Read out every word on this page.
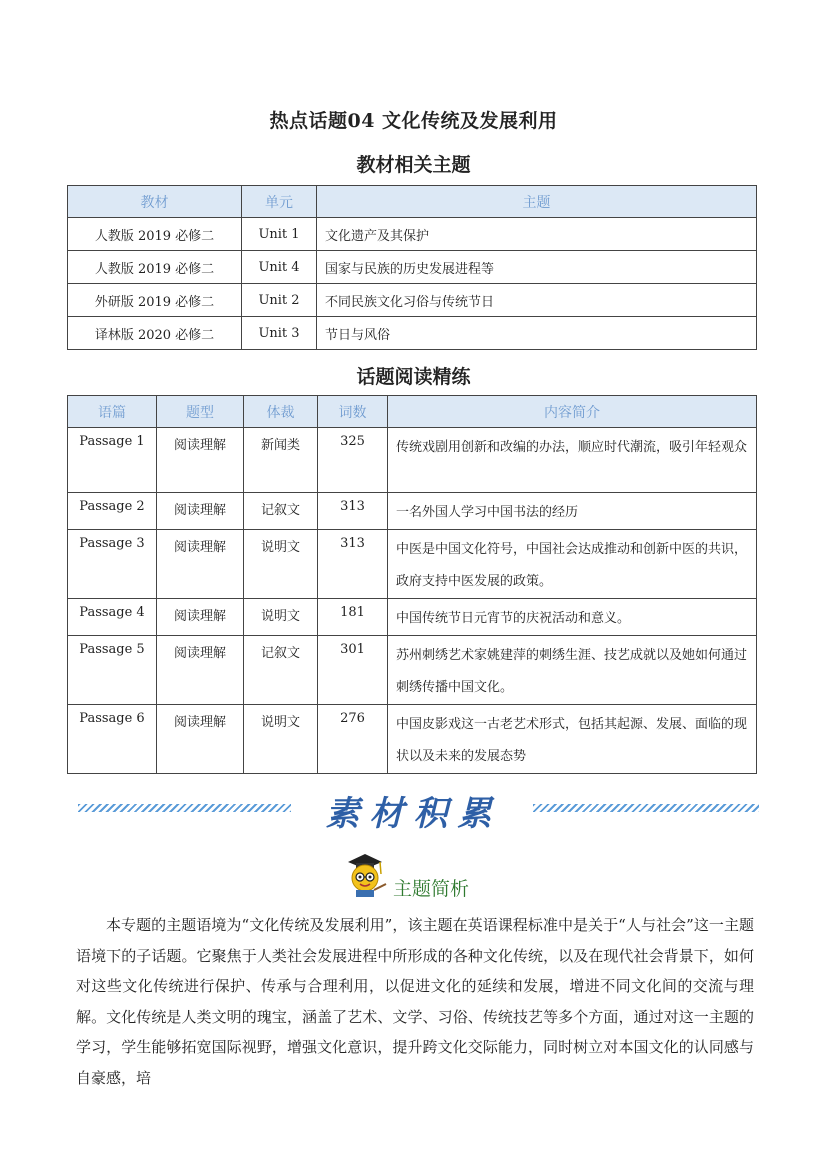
热点话题04 文化传统及发展利用
教材相关主题
教材	单元	主题
人教版 2019 必修二	Unit 1	文化遗产及其保护
人教版 2019 必修二	Unit 4	国家与民族的历史发展进程等
外研版 2019 必修二	Unit 2	不同民族文化习俗与传统节日
译林版 2020 必修二	Unit 3	节日与风俗
话题阅读精练
语篇	题型	体裁	词数	内容简介
Passage 1	阅读理解	新闻类	325	传统戏剧用创新和改编的办法，顺应时代潮流，吸引年轻观众
Passage 2	阅读理解	记叙文	313	一名外国人学习中国书法的经历
Passage 3	阅读理解	说明文	313	中医是中国文化符号，中国社会达成推动和创新中医的共识，政府支持中医发展的政策。
Passage 4	阅读理解	说明文	181	中国传统节日元宵节的庆祝活动和意义。
Passage 5	阅读理解	记叙文	301	苏州刺绣艺术家姚建萍的刺绣生涯、技艺成就以及她如何通过刺绣传播中国文化。
Passage 6	阅读理解	说明文	276	中国皮影戏这一古老艺术形式，包括其起源、发展、面临的现状以及未来的发展态势
素材积累
主题简析

本专题的主题语境为“文化传统及发展利用”，该主题在英语课程标准中是关于“人与社会”这一主题语境下的子话题。它聚焦于人类社会发展进程中所形成的各种文化传统，以及在现代社会背景下，如何对这些文化传统进行保护、传承与合理利用，以促进文化的延续和发展，增进不同文化间的交流与理解。文化传统是人类文明的瑰宝，涵盖了艺术、文学、习俗、传统技艺等多个方面，通过对这一主题的学习，学生能够拓宽国际视野，增强文化意识，提升跨文化交际能力，同时树立对本国文化的认同感与自豪感，培
